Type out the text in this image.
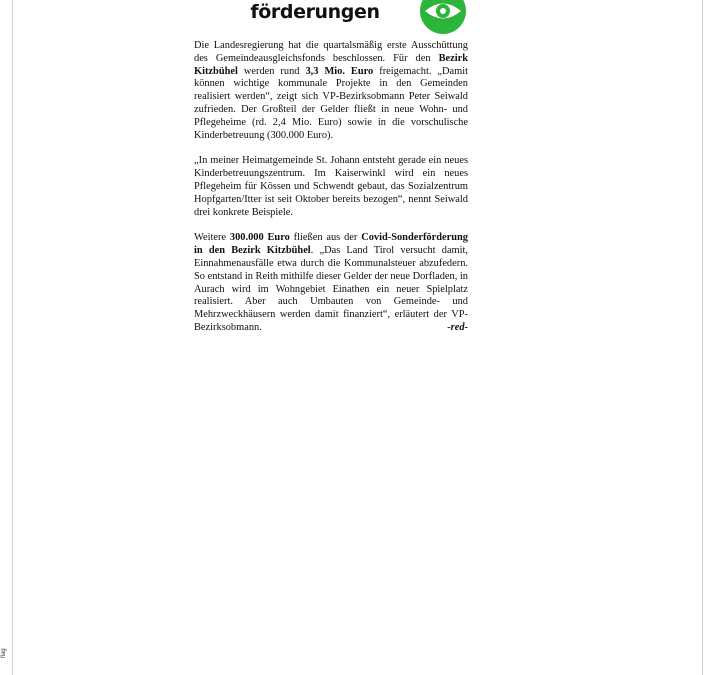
förderungen

Die Landesregierung hat die quartalsmäßig erste Ausschüttung des Gemeindeausgleichsfonds beschlossen. Für den Bezirk Kitzbühel werden rund 3,3 Mio. Euro freigemacht. „Damit können wichtige kommunale Projekte in den Gemeinden realisiert werden“, zeigt sich VP-Bezirksobmann Peter Seiwald zufrieden. Der Großteil der Gelder fließt in neue Wohn- und Pflegeheime (rd. 2,4 Mio. Euro) sowie in die vorschulische Kinderbetreuung (300.000 Euro).

„In meiner Heimatgemeinde St. Johann entsteht gerade ein neues Kinderbetreuungszentrum. Im Kaiserwinkl wird ein neues Pflegeheim für Kössen und Schwendt gebaut, das Sozialzentrum Hopfgarten/Itter ist seit Oktober bereits bezogen“, nennt Seiwald drei konkrete Beispiele.

Weitere 300.000 Euro fließen aus der Covid-Sonderförderung in den Bezirk Kitzbühel. „Das Land Tirol versucht damit, Einnahmenausfälle etwa durch die Kommunalsteuer abzufedern. So entstand in Reith mithilfe dieser Gelder der neue Dorfladen, in Aurach wird im Wohngebiet Einathen ein neuer Spielplatz realisiert. Aber auch Umbauten von Gemeinde- und Mehrzweckhäusern werden damit finanziert“, erläutert der VP-Bezirksobmann.	-red-

flag
